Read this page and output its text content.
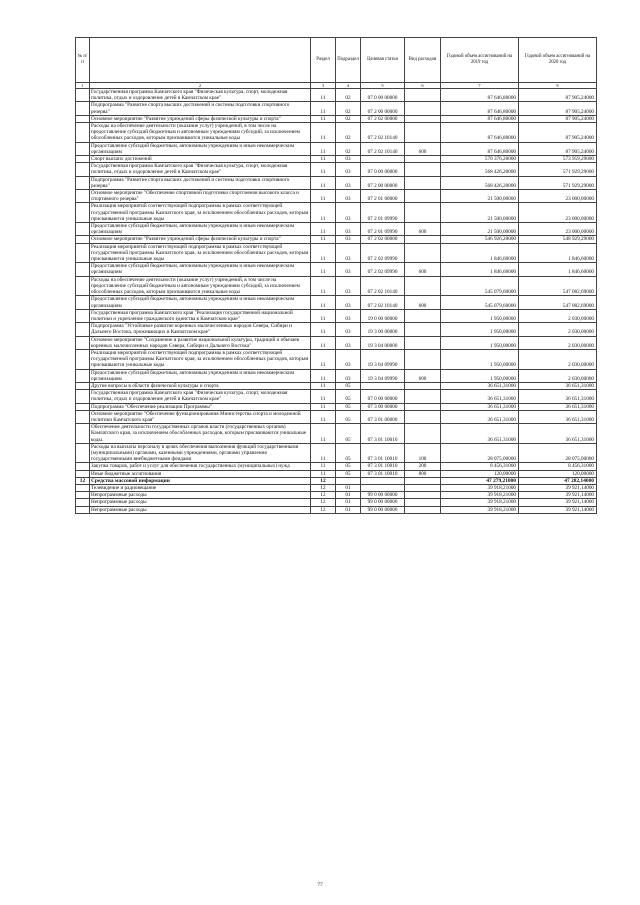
№ п/п		Раздел	Подраздел	Целевая статья	Вид расходов	Годовой объем ассигнований на 2019 год	Годовой объем ассигнований на 2020 год
1	2	3	4	5	6	7	8
	Государственная программа Камчатского края "Физическая культура, спорт, молодежная политика, отдых и оздоровление детей в Камчатском крае"	11	02	07 0 00 00000		87 646,80000	87 905,24000
	Подпрограмма "Развитие спорта высших достижений и системы подготовки спортивного резерва"	11	02	07 2 00 00000		87 646,80000	87 905,24000
	Основное мероприятие "Развитие учреждений сферы физической культуры и спорта"	11	02	07 2 02 00000		87 646,80000	87 905,24000
	Расходы на обеспечение деятельности (оказание услуг) учреждений, в том числе на предоставление субсидий бюджетным и автономным учреждениям субсидий, за исключением обособленных расходов, которым присваиваются уникальные коды	11	02	07 2 02 10140		87 646,80000	87 905,24000
	Предоставление субсидий бюджетным, автономным учреждениям и иным некоммерческим организациям	11	02	07 2 02 10140	600	87 646,80000	87 905,24000
	Спорт высших достижений	11	03			570 376,20000	573 959,29000
	Государственная программа Камчатского края "Физическая культура, спорт, молодежная политика, отдых и оздоровление детей в Камчатском крае"	11	03	07 0 00 00000		568 426,20000	571 929,29000
	Подпрограмма "Развитие спорта высших достижений и системы подготовки спортивного резерва"	11	03	07 2 00 00000		568 426,20000	571 929,29000
	Основное мероприятие "Обеспечение спортивной подготовки спортсменов высокого класса и спортивного резерва"	11	03	07 2 01 00000		21 500,00000	23 000,00000
	Реализация мероприятий соответствующей подпрограммы в рамках соответствующей государственной программы Камчатского края, за исключением обособленных расходов, которым присваиваются уникальные коды	11	03	07 2 01 09990		21 500,00000	23 000,00000
	Предоставление субсидий бюджетным, автономным учреждениям и иным некоммерческим организациям	11	03	07 2 01 09990	600	21 500,00000	23 000,00000
	Основное мероприятие "Развитие учреждений сферы физической культуры и спорта"	11	03	07 2 02 00000		546 926,20000	548 929,29000
	Реализация мероприятий соответствующей подпрограммы в рамках соответствующей государственной программы Камчатского края, за исключением обособленных расходов, которым присваиваются уникальные коды	11	03	07 2 02 09990		1 846,60000	1 846,60000
	Предоставление субсидий бюджетным, автономным учреждениям и иным некоммерческим организациям	11	03	07 2 02 09990	600	1 846,60000	1 846,60000
	Расходы на обеспечение деятельности (оказание услуг) учреждений, в том числе на предоставление субсидий бюджетным и автономным учреждениям субсидий, за исключением обособленных расходов, которым присваиваются уникальные коды	11	03	07 2 02 10140		545 079,60000	547 082,69000
	Предоставление субсидий бюджетным, автономным учреждениям и иным некоммерческим организациям	11	03	07 2 02 10140	600	545 079,60000	547 082,69000
	Государственная программа Камчатского края "Реализация государственной национальной политики и укрепление гражданского единства в Камчатском крае"	11	03	19 0 00 00000		1 950,00000	2 030,00000
	Подпрограмма "Устойчивое развитие коренных малочисленных народов Севера, Сибири и Дальнего Востока, проживающих в Камчатском крае"	11	03	19 3 00 00000		1 950,00000	2 030,00000
	Основное мероприятие "Сохранение и развитие национальной культуры, традиций и обычаев коренных малочисленных народов Севера, Сибири и Дальнего Востока"	11	03	19 3 04 00000		1 950,00000	2 030,00000
	Реализация мероприятий соответствующей подпрограммы в рамках соответствующей государственной программы Камчатского края, за исключением обособленных расходов, которым присваиваются уникальные коды	11	03	19 3 04 09990		1 950,00000	2 030,00000
	Предоставление субсидий бюджетным, автономным учреждениям и иным некоммерческим организациям	11	03	19 3 04 09990	600	1 950,00000	2 030,00000
	Другие вопросы в области физической культуры и спорта	11	05			36 651,31000	36 651,31000
	Государственная программа Камчатского края "Физическая культура, спорт, молодежная политика, отдых и оздоровление детей в Камчатском крае"	11	05	07 0 00 00000		36 651,31000	36 651,31000
	Подпрограмма "Обеспечение реализации Программы"	11	05	07 3 00 00000		36 651,31000	36 651,31000
	Основное мероприятие "Обеспечение функционирования Министерства спорта и молодежной политики Камчатского края"	11	05	07 3 01 00000		36 651,31000	36 651,31000
	Обеспечение деятельности государственных органов власти (государственных органов) Камчатского края, за исключением обособленных расходов, которым присваиваются уникальные коды.	11	05	07 3 01 10010		36 651,31000	36 651,31000
	Расходы на выплаты персоналу в целях обеспечения выполнения функций государственными (муниципальными) органами, казенными учреждениями, органами управления государственными внебюджетными фондами	11	05	07 3 01 10010	100	28 075,00000	28 075,00000
	Закупка товаров, работ и услуг для обеспечения государственных (муниципальных) нужд	11	05	07 3 01 10010	200	8 456,31000	8 456,31000
	Иные бюджетные ассигнования	11	05	07 3 01 10010	800	120,00000	120,00000
12	Средства массовой информации	12				47 279,21000	47 282,14000
	Телевидение и радиовещание	12	01			39 918,21000	39 921,14000
	Непрограммные расходы	12	01	99 0 00 00000		39 918,21000	39 921,14000
	Непрограммные расходы	12	01	99 0 00 00000		39 918,21000	39 921,14000
	Непрограммные расходы	12	01	99 0 00 00000		39 918,21000	39 921,14000
77
